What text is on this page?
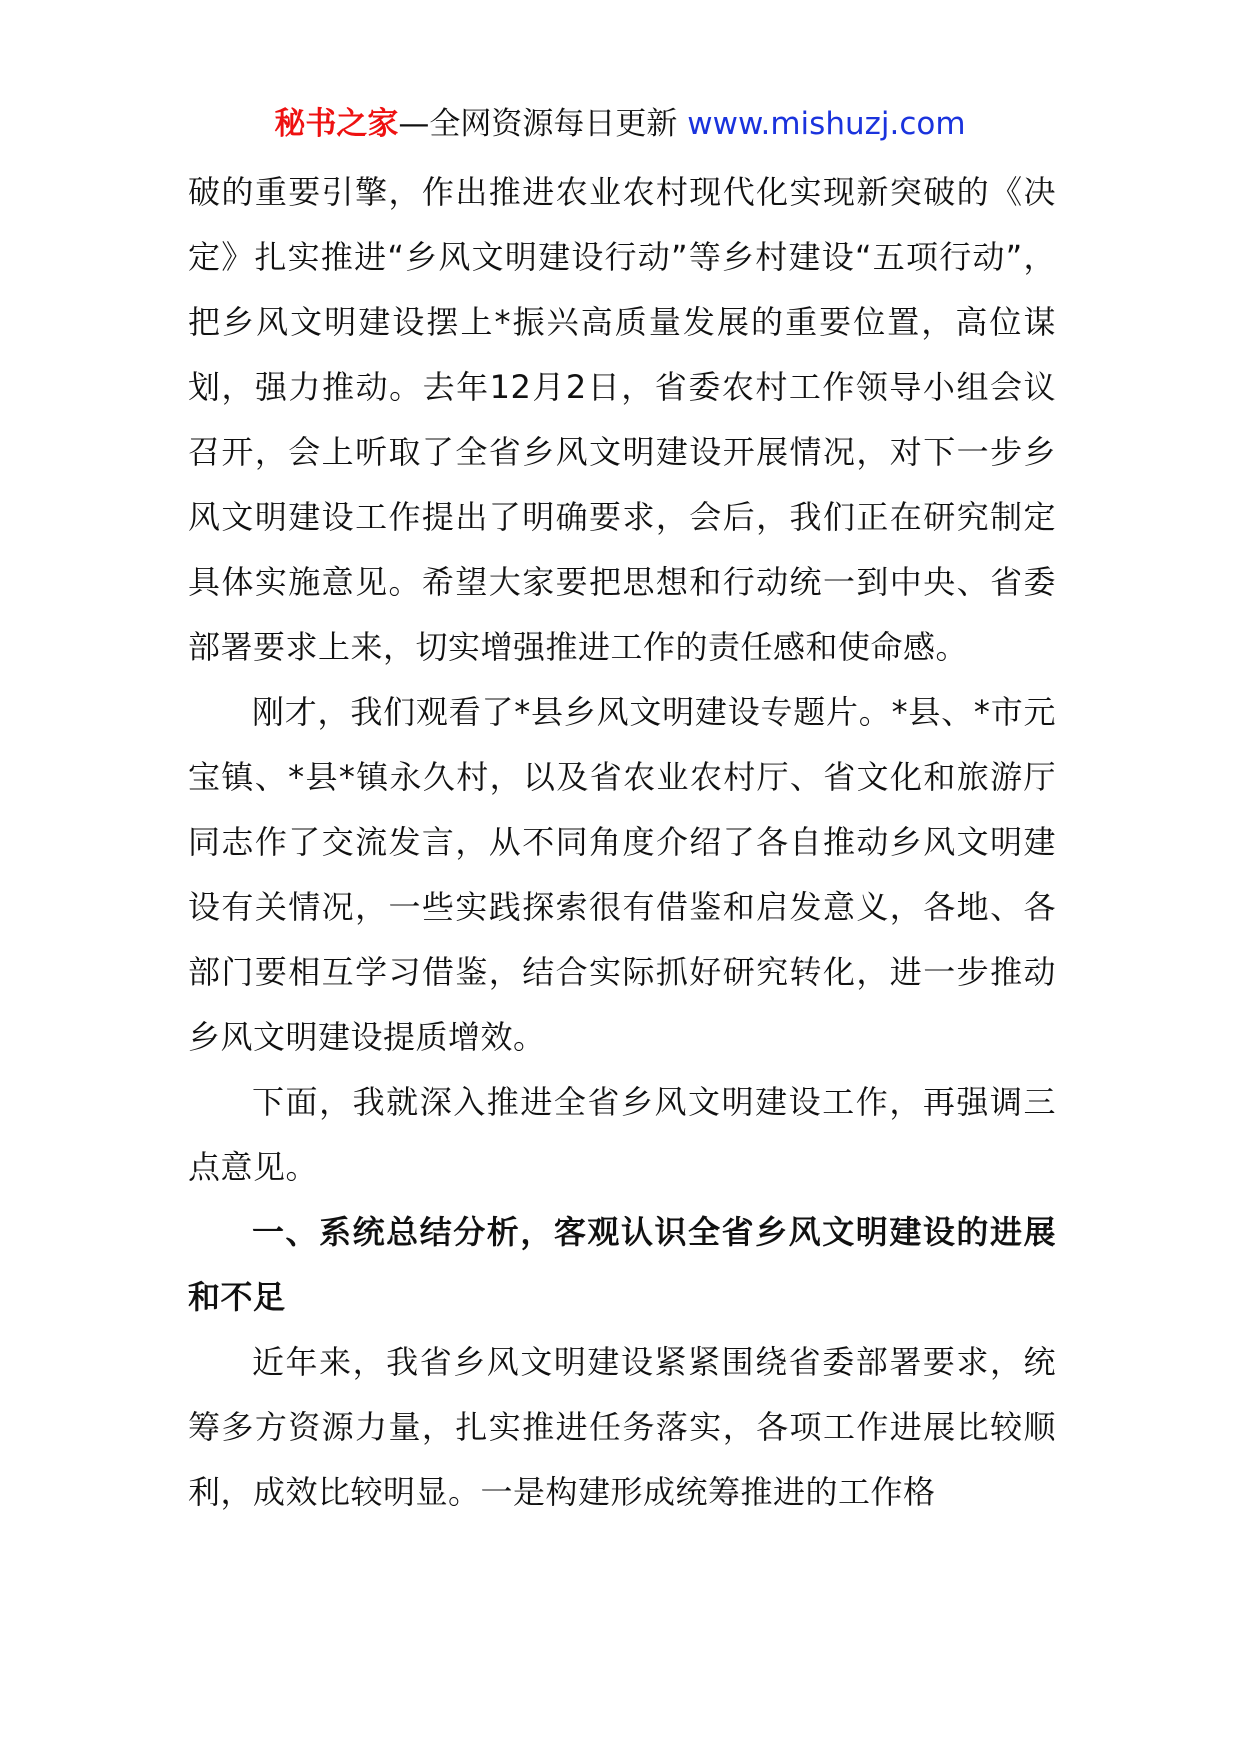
秘书之家—全网资源每日更新 www.mishuzj.com

破的重要引擎，作出推进农业农村现代化实现新突破的《决定》扎实推进“乡风文明建设行动”等乡村建设“五项行动”，把乡风文明建设摆上*振兴高质量发展的重要位置，高位谋划，强力推动。去年12月2日，省委农村工作领导小组会议召开，会上听取了全省乡风文明建设开展情况，对下一步乡风文明建设工作提出了明确要求，会后，我们正在研究制定具体实施意见。希望大家要把思想和行动统一到中央、省委部署要求上来，切实增强推进工作的责任感和使命感。

刚才，我们观看了*县乡风文明建设专题片。*县、*市元宝镇、*县*镇永久村，以及省农业农村厅、省文化和旅游厅同志作了交流发言，从不同角度介绍了各自推动乡风文明建设有关情况，一些实践探索很有借鉴和启发意义，各地、各部门要相互学习借鉴，结合实际抓好研究转化，进一步推动乡风文明建设提质增效。

下面，我就深入推进全省乡风文明建设工作，再强调三点意见。

一、系统总结分析，客观认识全省乡风文明建设的进展和不足

近年来，我省乡风文明建设紧紧围绕省委部署要求，统筹多方资源力量，扎实推进任务落实，各项工作进展比较顺利，成效比较明显。一是构建形成统筹推进的工作格
